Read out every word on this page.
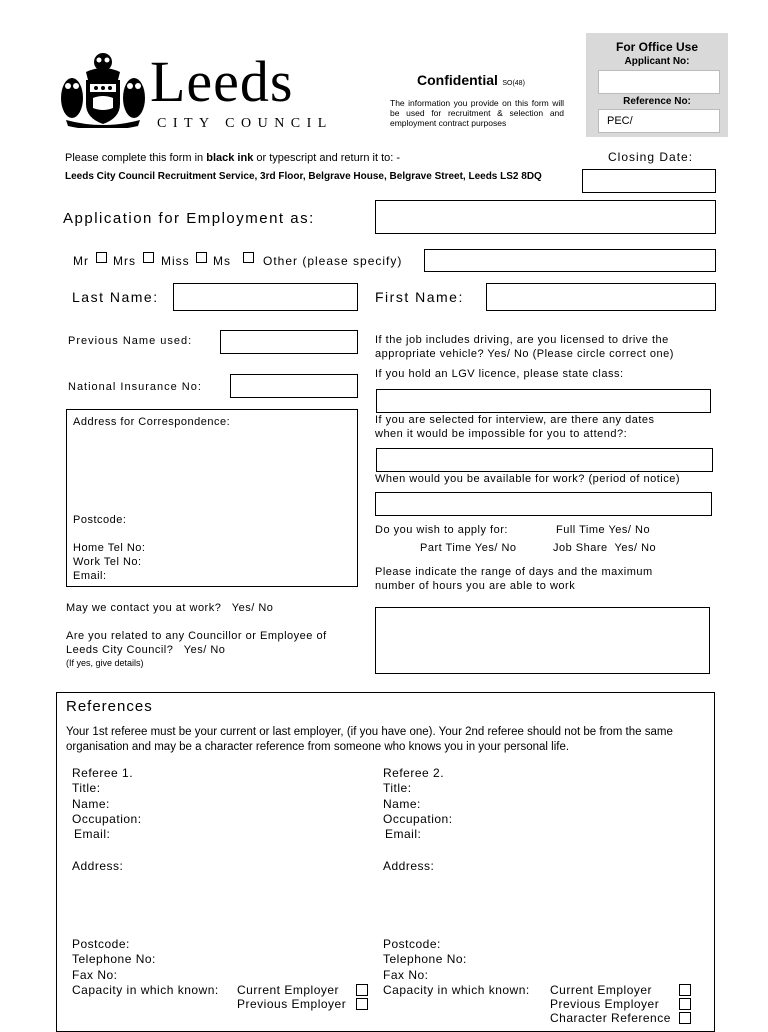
Leeds
CITY COUNCIL
Confidential SO(48)
The information you provide on this form will be used for recruitment & selection and employment contract purposes
For Office Use
Applicant No:
Reference No:
PEC/
Please complete this form in black ink or typescript and return it to: -
Leeds City Council Recruitment Service, 3rd Floor, Belgrave House, Belgrave Street, Leeds LS2 8DQ
Closing Date:
Application for Employment as:
Mr Mrs Miss Ms	Other (please specify)
Last Name:	First Name:
Previous Name used:
National Insurance No:
Address for Correspondence:
Postcode:
Home Tel No:
Work Tel No:
Email:
May we contact you at work?   Yes/ No
Are you related to any Councillor or Employee of
Leeds City Council?   Yes/ No
(If yes, give details)
If the job includes driving, are you licensed to drive the
appropriate vehicle? Yes/ No (Please circle correct one)
If you hold an LGV licence, please state class:
If you are selected for interview, are there any dates
when it would be impossible for you to attend?:
When would you be available for work? (period of notice)
Do you wish to apply for:	Full Time Yes/ No
Part Time Yes/ No	Job Share  Yes/ No
Please indicate the range of days and the maximum
number of hours you are able to work
References
Your 1st referee must be your current or last employer, (if you have one). Your 2nd referee should not be from the same organisation and may be a character reference from someone who knows you in your personal life.
Referee 1.
Title:
Name:
Occupation:
Email:
Address:
Postcode:
Telephone No:
Fax No:
Capacity in which known: Current Employer
Previous Employer
Referee 2.
Title:
Name:
Occupation:
Email:
Address:
Postcode:
Telephone No:
Fax No:
Capacity in which known: Current Employer
Previous Employer
Character Reference
